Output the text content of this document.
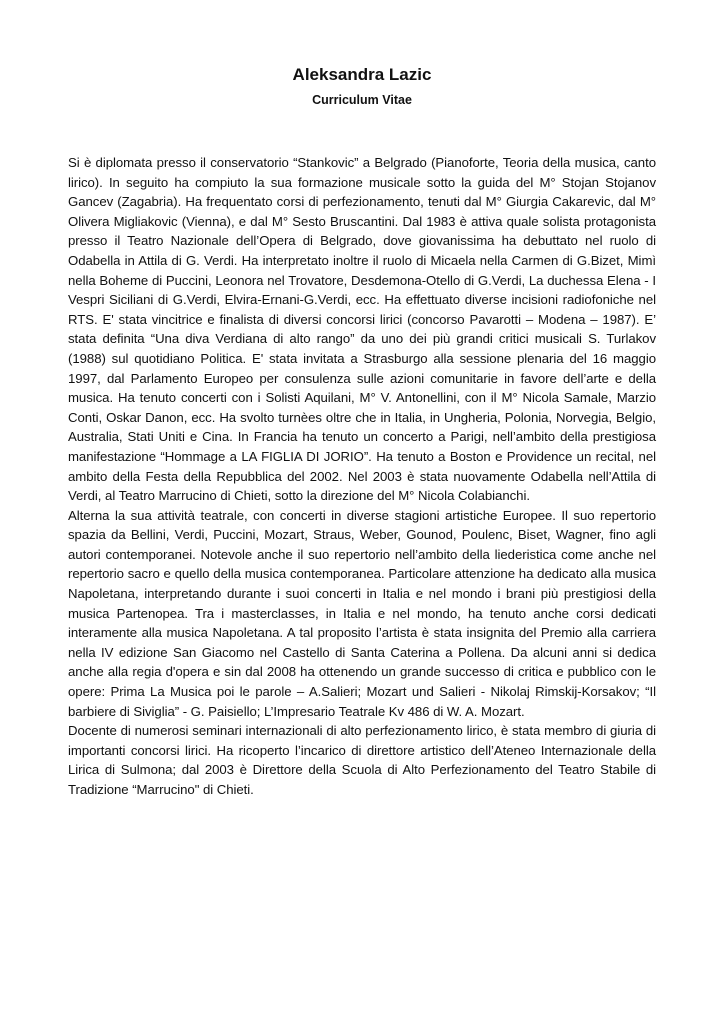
Aleksandra Lazic
Curriculum Vitae

Si è diplomata presso il conservatorio “Stankovic” a Belgrado (Pianoforte, Teoria della musica, canto lirico). In seguito ha compiuto la sua formazione musicale sotto la guida del M° Stojan Stojanov Gancev (Zagabria). Ha frequentato corsi di perfezionamento, tenuti dal M° Giurgia Cakarevic, dal M° Olivera Migliakovic (Vienna), e dal M° Sesto Bruscantini. Dal 1983 è attiva quale solista protagonista presso il Teatro Nazionale dell’Opera di Belgrado, dove giovanissima ha debuttato nel ruolo di Odabella in Attila di G. Verdi. Ha interpretato inoltre il ruolo di Micaela nella Carmen di G.Bizet, Mimì nella Boheme di Puccini, Leonora nel Trovatore, Desdemona-Otello di G.Verdi, La duchessa Elena - I Vespri Siciliani di G.Verdi, Elvira-Ernani-G.Verdi, ecc. Ha effettuato diverse incisioni radiofoniche nel RTS. E' stata vincitrice e finalista di diversi concorsi lirici (concorso Pavarotti – Modena – 1987). E’ stata definita “Una diva Verdiana di alto rango” da uno dei più grandi critici musicali S. Turlakov (1988) sul quotidiano Politica. E' stata invitata a Strasburgo alla sessione plenaria del 16 maggio 1997, dal Parlamento Europeo per consulenza sulle azioni comunitarie in favore dell’arte e della musica. Ha tenuto concerti con i Solisti Aquilani, M° V. Antonellini, con il M° Nicola Samale, Marzio Conti, Oskar Danon, ecc. Ha svolto turnèes oltre che in Italia, in Ungheria, Polonia, Norvegia, Belgio, Australia, Stati Uniti e Cina. In Francia ha tenuto un concerto a Parigi, nell’ambito della prestigiosa manifestazione “Hommage a LA FIGLIA DI JORIO”. Ha tenuto a Boston e Providence un recital, nel ambito della Festa della Repubblica del 2002. Nel 2003 è stata nuovamente Odabella nell’Attila di Verdi, al Teatro Marrucino di Chieti, sotto la direzione del M° Nicola Colabianchi.

Alterna la sua attività teatrale, con concerti in diverse stagioni artistiche Europee. Il suo repertorio spazia da Bellini, Verdi, Puccini, Mozart, Straus, Weber, Gounod, Poulenc, Biset, Wagner, fino agli autori contemporanei. Notevole anche il suo repertorio nell’ambito della liederistica come anche nel repertorio sacro e quello della musica contemporanea. Particolare attenzione ha dedicato alla musica Napoletana, interpretando durante i suoi concerti in Italia e nel mondo i brani più prestigiosi della musica Partenopea. Tra i masterclasses, in Italia e nel mondo, ha tenuto anche corsi dedicati interamente alla musica Napoletana. A tal proposito l’artista è stata insignita del Premio alla carriera nella IV edizione San Giacomo nel Castello di Santa Caterina a Pollena. Da alcuni anni si dedica anche alla regia d'opera e sin dal 2008 ha ottenendo un grande successo di critica e pubblico con le opere: Prima La Musica poi le parole – A.Salieri; Mozart und Salieri - Nikolaj Rimskij-Korsakov; “Il barbiere di Siviglia” - G. Paisiello; L’Impresario Teatrale Kv 486 di W. A. Mozart.

Docente di numerosi seminari internazionali di alto perfezionamento lirico, è stata membro di giuria di importanti concorsi lirici. Ha ricoperto l’incarico di direttore artistico dell’Ateneo Internazionale della Lirica di Sulmona; dal 2003 è Direttore della Scuola di Alto Perfezionamento del Teatro Stabile di Tradizione “Marrucino" di Chieti.
